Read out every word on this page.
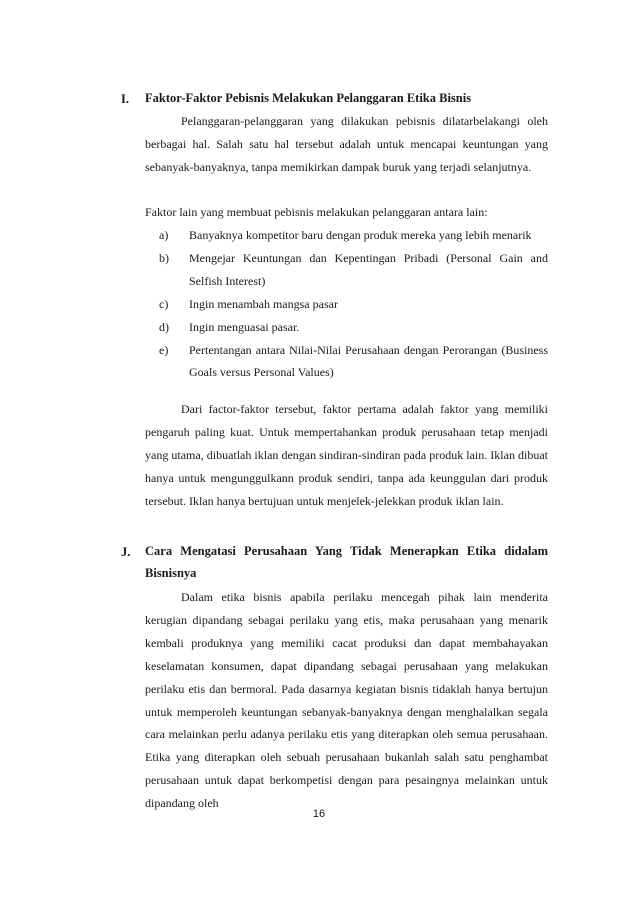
I. Faktor-Faktor Pebisnis Melakukan Pelanggaran Etika Bisnis

Pelanggaran-pelanggaran yang dilakukan pebisnis dilatarbelakangi oleh berbagai hal. Salah satu hal tersebut adalah untuk mencapai keuntungan yang sebanyak-banyaknya, tanpa memikirkan dampak buruk yang terjadi selanjutnya.

Faktor lain yang membuat pebisnis melakukan pelanggaran antara lain:
a) Banyaknya kompetitor baru dengan produk mereka yang lebih menarik
b) Mengejar Keuntungan dan Kepentingan Pribadi (Personal Gain and Selfish Interest)
c) Ingin menambah mangsa pasar
d) Ingin menguasai pasar.
e) Pertentangan antara Nilai-Nilai Perusahaan dengan Perorangan (Business Goals versus Personal Values)

Dari factor-faktor tersebut, faktor pertama adalah faktor yang memiliki pengaruh paling kuat. Untuk mempertahankan produk perusahaan tetap menjadi yang utama, dibuatlah iklan dengan sindiran-sindiran pada produk lain. Iklan dibuat hanya untuk mengunggulkann produk sendiri, tanpa ada keunggulan dari produk tersebut. Iklan hanya bertujuan untuk menjelek-jelekkan produk iklan lain.

J. Cara Mengatasi Perusahaan Yang Tidak Menerapkan Etika didalam Bisnisnya

Dalam etika bisnis apabila perilaku mencegah pihak lain menderita kerugian dipandang sebagai perilaku yang etis, maka perusahaan yang menarik kembali produknya yang memiliki cacat produksi dan dapat membahayakan keselamatan konsumen, dapat dipandang sebagai perusahaan yang melakukan perilaku etis dan bermoral. Pada dasarnya kegiatan bisnis tidaklah hanya bertujun untuk memperoleh keuntungan sebanyak-banyaknya dengan menghalalkan segala cara melainkan perlu adanya perilaku etis yang diterapkan oleh semua perusahaan. Etika yang diterapkan oleh sebuah perusahaan bukanlah salah satu penghambat perusahaan untuk dapat berkompetisi dengan para pesaingnya melainkan untuk dipandang oleh

16
